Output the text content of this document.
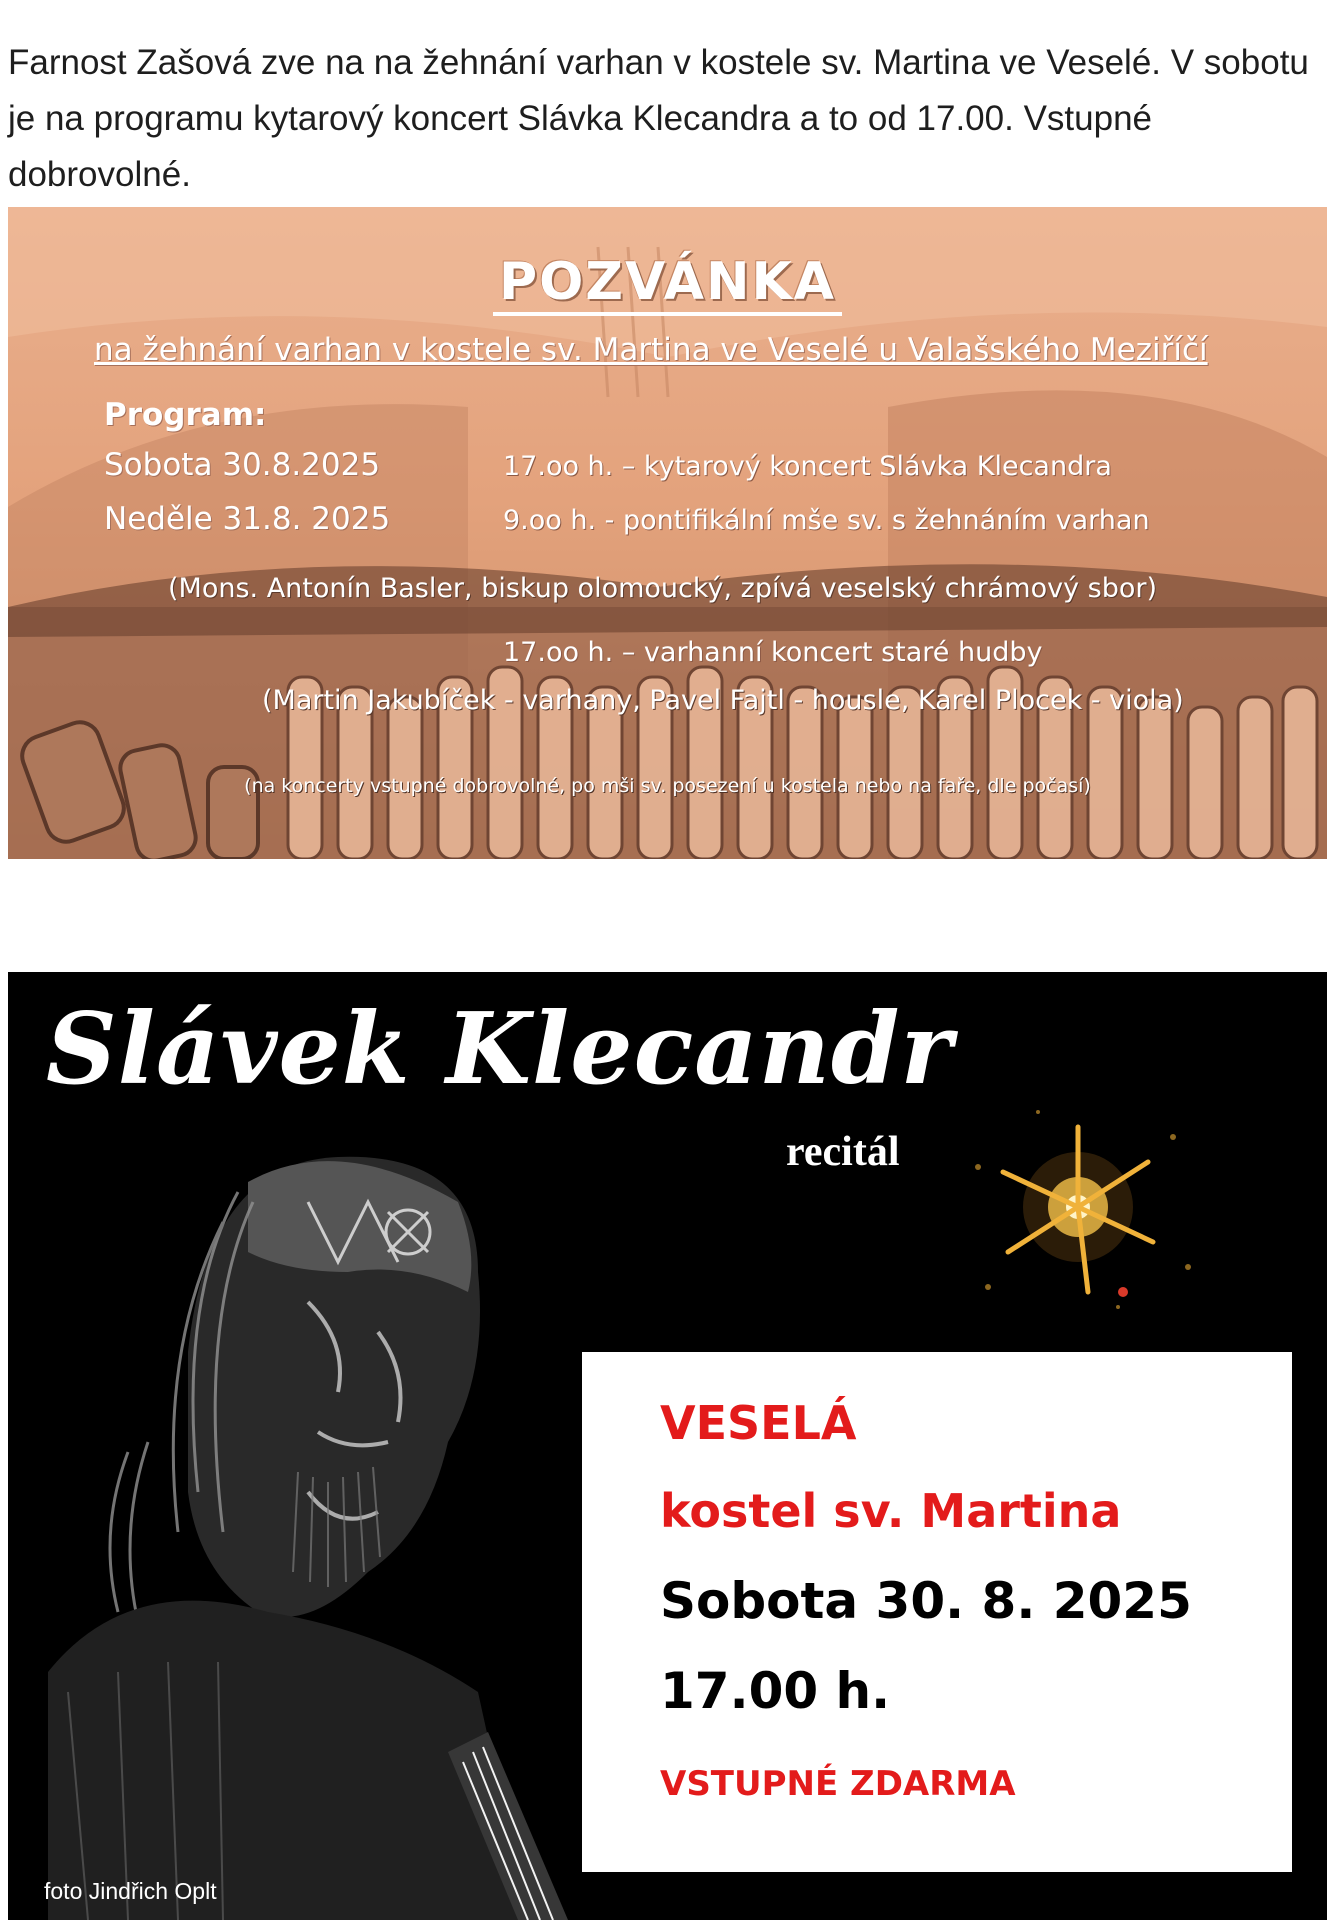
Farnost Zašová zve na na žehnání varhan v kostele sv. Martina ve Veselé. V sobotu je na programu kytarový koncert Slávka Klecandra a to od 17.00. Vstupné dobrovolné.

POZVÁNKA
na žehnání varhan v kostele sv. Martina ve Veselé u Valašského Meziříčí
Program:
Sobota 30.8.2025
Neděle 31.8. 2025
17.oo h. – kytarový koncert Slávka Klecandra
9.oo h. - pontifikální mše sv. s žehnáním varhan
(Mons. Antonín Basler, biskup olomoucký, zpívá veselský chrámový sbor)
17.oo h. – varhanní koncert staré hudby
(Martin Jakubíček - varhany, Pavel Fajtl - housle, Karel Plocek - viola)
(na koncerty vstupné dobrovolné, po mši sv. posezení u kostela nebo na faře, dle počasí)
Slávek Klecandr
recitál
VESELÁ
kostel sv. Martina
Sobota 30. 8. 2025
17.00 h.
VSTUPNÉ ZDARMA
foto Jindřich Oplt
